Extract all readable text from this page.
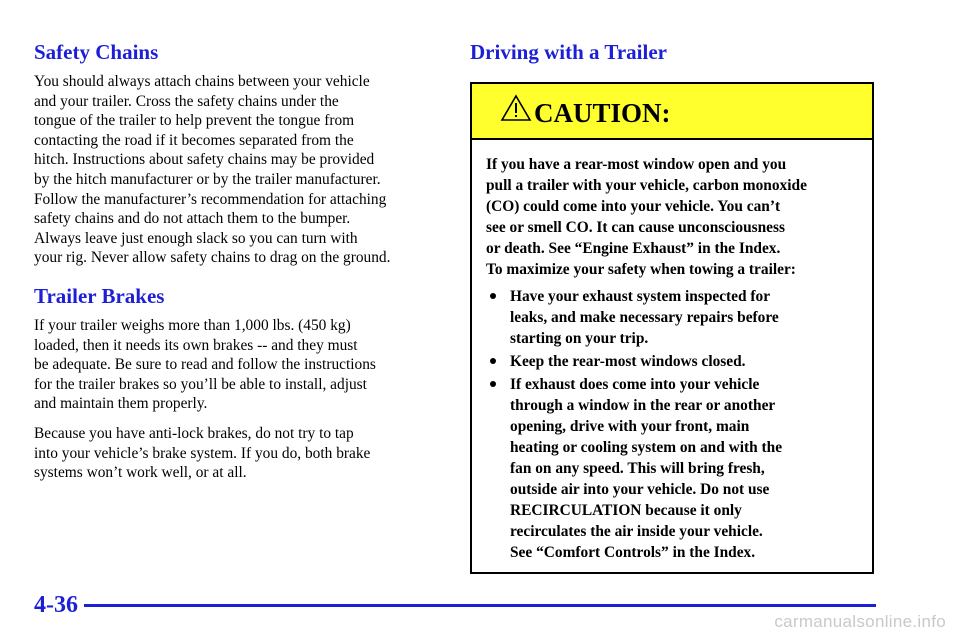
Safety Chains

You should always attach chains between your vehicle
and your trailer. Cross the safety chains under the
tongue of the trailer to help prevent the tongue from
contacting the road if it becomes separated from the
hitch. Instructions about safety chains may be provided
by the hitch manufacturer or by the trailer manufacturer.
Follow the manufacturer’s recommendation for attaching
safety chains and do not attach them to the bumper.
Always leave just enough slack so you can turn with
your rig. Never allow safety chains to drag on the ground.

Trailer Brakes

If your trailer weighs more than 1,000 lbs. (450 kg)
loaded, then it needs its own brakes -- and they must
be adequate. Be sure to read and follow the instructions
for the trailer brakes so you’ll be able to install, adjust
and maintain them properly.

Because you have anti-lock brakes, do not try to tap
into your vehicle’s brake system. If you do, both brake
systems won’t work well, or at all.

Driving with a Trailer
CAUTION:
If you have a rear-most window open and you
pull a trailer with your vehicle, carbon monoxide
(CO) could come into your vehicle. You can’t
see or smell CO. It can cause unconsciousness
or death. See “Engine Exhaust” in the Index.
To maximize your safety when towing a trailer:
Have your exhaust system inspected for
leaks, and make necessary repairs before
starting on your trip.
Keep the rear-most windows closed.
If exhaust does come into your vehicle
through a window in the rear or another
opening, drive with your front, main
heating or cooling system on and with the
fan on any speed. This will bring fresh,
outside air into your vehicle. Do not use
RECIRCULATION because it only
recirculates the air inside your vehicle.
See “Comfort Controls” in the Index.
4-36
carmanualsonline.info
